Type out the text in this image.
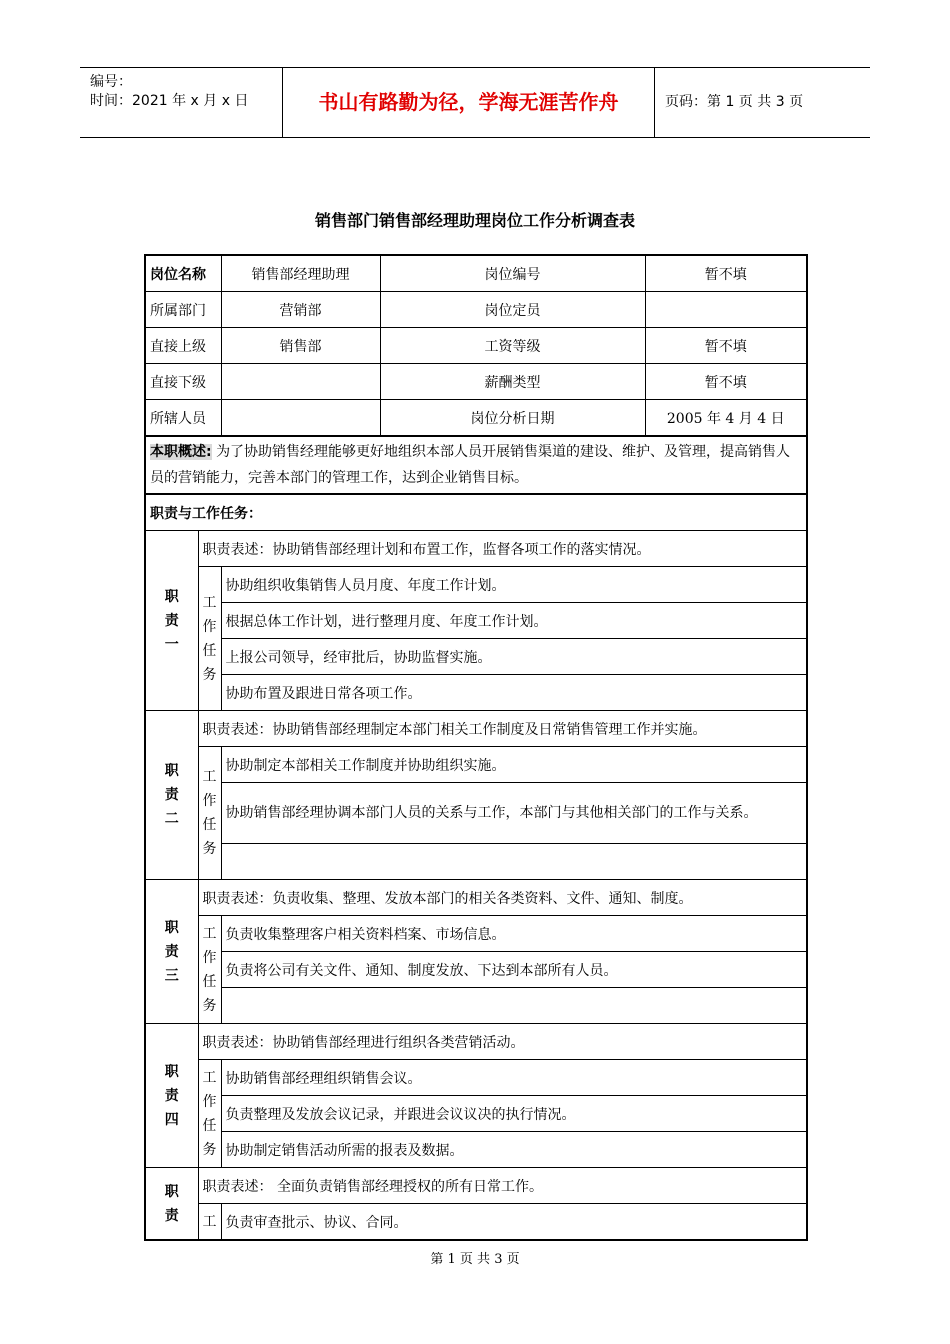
编号：
时间：2021 年 x 月 x 日	书山有路勤为径，学海无涯苦作舟	页码：第 1 页 共 3 页
销售部门销售部经理助理岗位工作分析调查表
岗位名称		销售部经理助理	岗位编号	暂不填
所属部门		营销部	岗位定员	
直接上级		销售部	工资等级	暂不填
直接下级			薪酬类型	暂不填
所辖人员			岗位分析日期	2005 年 4 月 4 日
本职概述: 为了协助销售经理能够更好地组织本部人员开展销售渠道的建设、维护、及管理，提高销售人员的营销能力，完善本部门的管理工作，达到企业销售目标。				
职责与工作任务：				

职责一	职责表述：协助销售部经理计划和布置工作，监督各项工作的落实情况。			

	工作任务	协助组织收集销售人员月度、年度工作计划。		
		根据总体工作计划，进行整理月度、年度工作计划。		
		上报公司领导，经审批后，协助监督实施。		
		协助布置及跟进日常各项工作。		

职责二	职责表述：协助销售部经理制定本部门相关工作制度及日常销售管理工作并实施。			

	工作任务	协助制定本部相关工作制度并协助组织实施。		
		协助销售部经理协调本部门人员的关系与工作，本部门与其他相关部门的工作与关系。		

职责三	职责表述：负责收集、整理、发放本部门的相关各类资料、文件、通知、制度。			

	工作任务	负责收集整理客户相关资料档案、市场信息。		
		负责将公司有关文件、通知、制度发放、下达到本部所有人员。		

职责四	职责表述：协助销售部经理进行组织各类营销活动。			

	工作任务	协助销售部经理组织销售会议。		
		负责整理及发放会议记录，并跟进会议议决的执行情况。		
		协助制定销售活动所需的报表及数据。		

职责	职责表述： 全面负责销售部经理授权的所有日常工作。			
	工	负责审查批示、协议、合同。		
第 1 页 共 3 页
